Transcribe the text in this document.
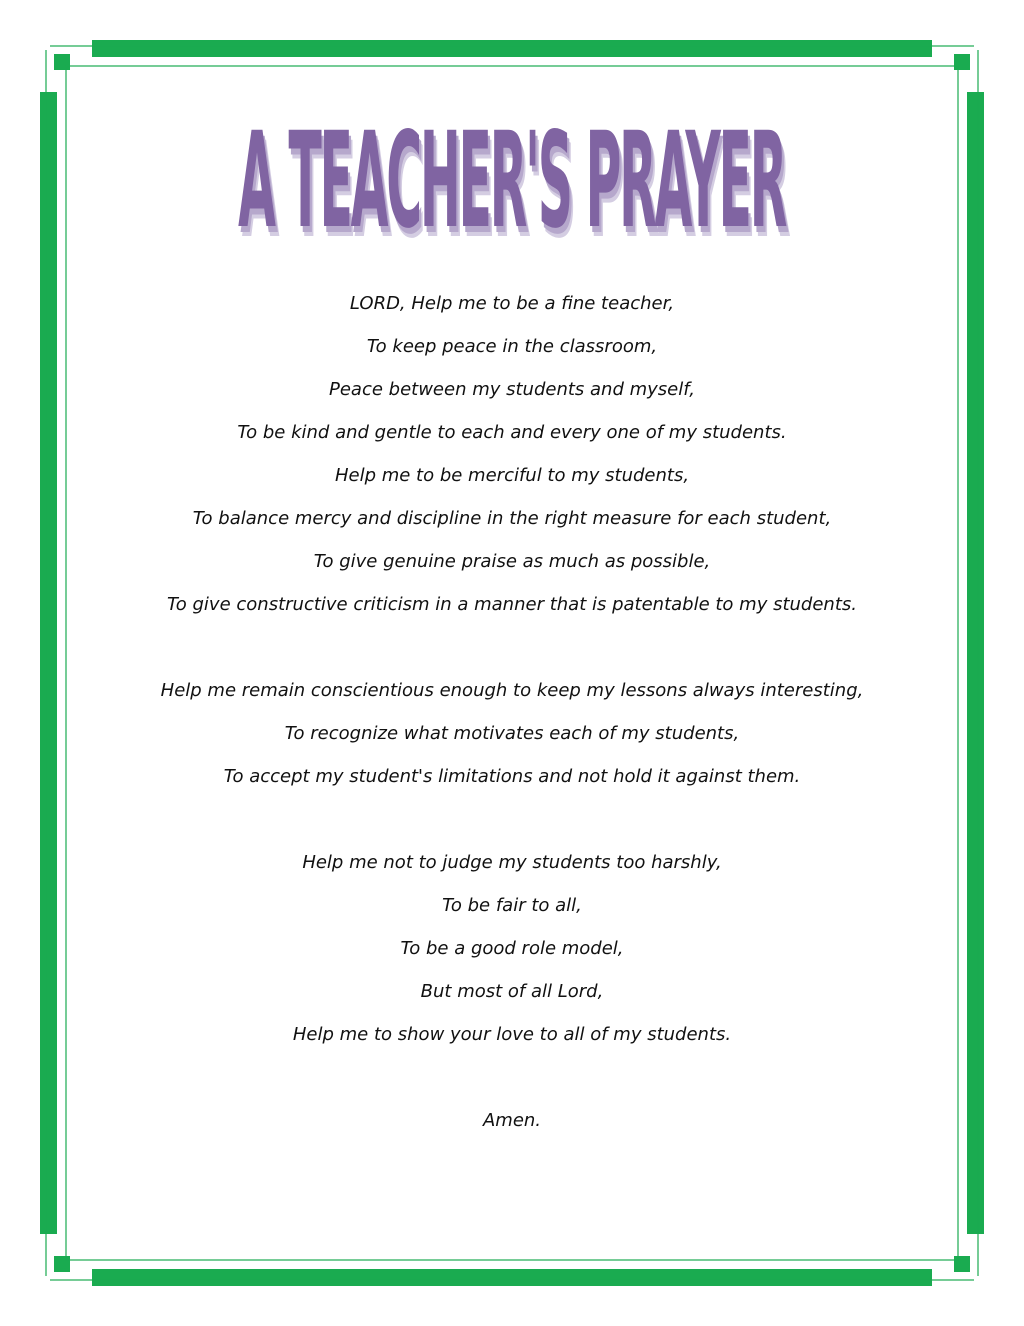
A TEACHER'S PRAYER
LORD, Help me to be a fine teacher,
To keep peace in the classroom,
Peace between my students and myself,
To be kind and gentle to each and every one of my students.
Help me to be merciful to my students,
To balance mercy and discipline in the right measure for each student,
To give genuine praise as much as possible,
To give constructive criticism in a manner that is patentable to my students.
Help me remain conscientious enough to keep my lessons always interesting,
To recognize what motivates each of my students,
To accept my student's limitations and not hold it against them.
Help me not to judge my students too harshly,
To be fair to all,
To be a good role model,
But most of all Lord,
Help me to show your love to all of my students.
Amen.
